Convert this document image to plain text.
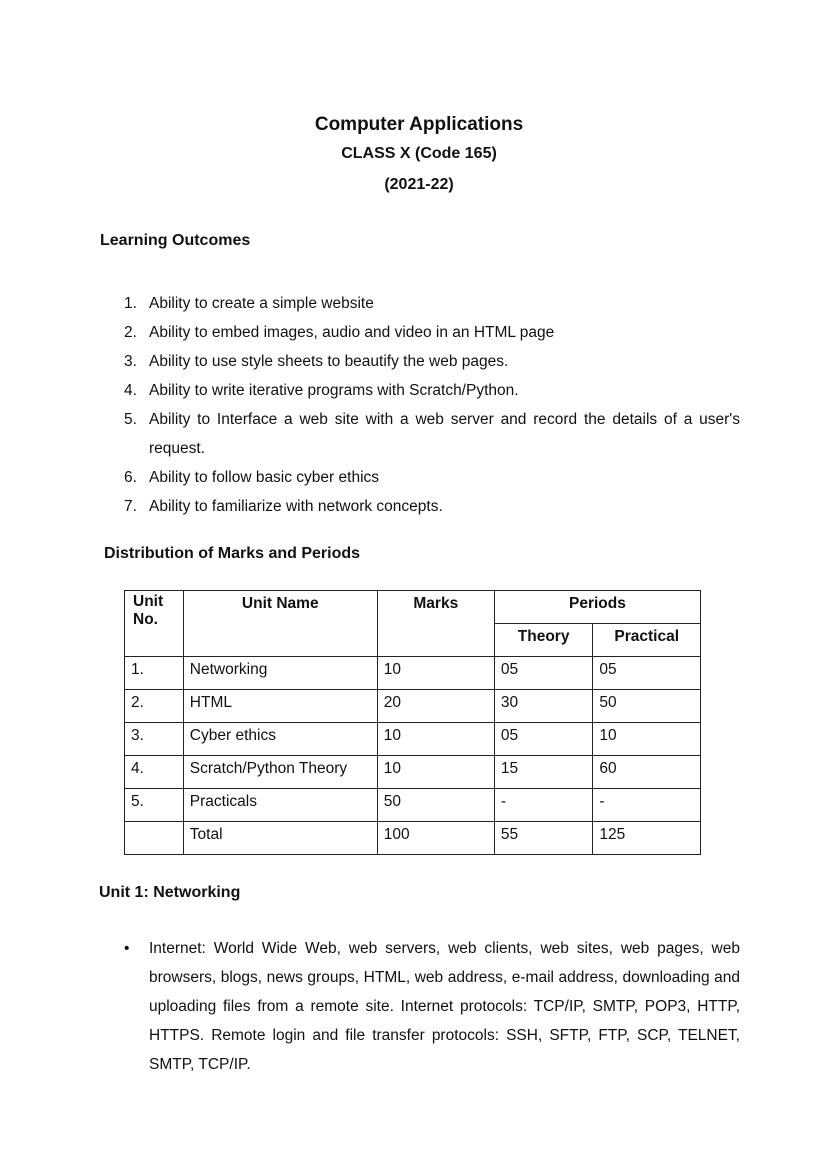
Computer Applications
CLASS X (Code 165)
(2021-22)
Learning Outcomes
1. Ability to create a simple website
2. Ability to embed images, audio and video in an HTML page
3. Ability to use style sheets to beautify the web pages.
4. Ability to write iterative programs with Scratch/Python.
5. Ability to Interface a web site with a web server and record the details of a user's request.
6. Ability to follow basic cyber ethics
7. Ability to familiarize with network concepts.
Distribution of Marks and Periods
Unit No.	Unit Name	Marks	Periods	
			Theory	Practical
1.	Networking	10	05	05
2.	HTML	20	30	50
3.	Cyber ethics	10	05	10
4.	Scratch/Python Theory	10	15	60
5.	Practicals	50	-	-
	Total	100	55	125
Unit 1: Networking
• Internet: World Wide Web, web servers, web clients, web sites, web pages, web browsers, blogs, news groups, HTML, web address, e-mail address, downloading and uploading files from a remote site. Internet protocols: TCP/IP, SMTP, POP3, HTTP, HTTPS. Remote login and file transfer protocols: SSH, SFTP, FTP, SCP, TELNET, SMTP, TCP/IP.
